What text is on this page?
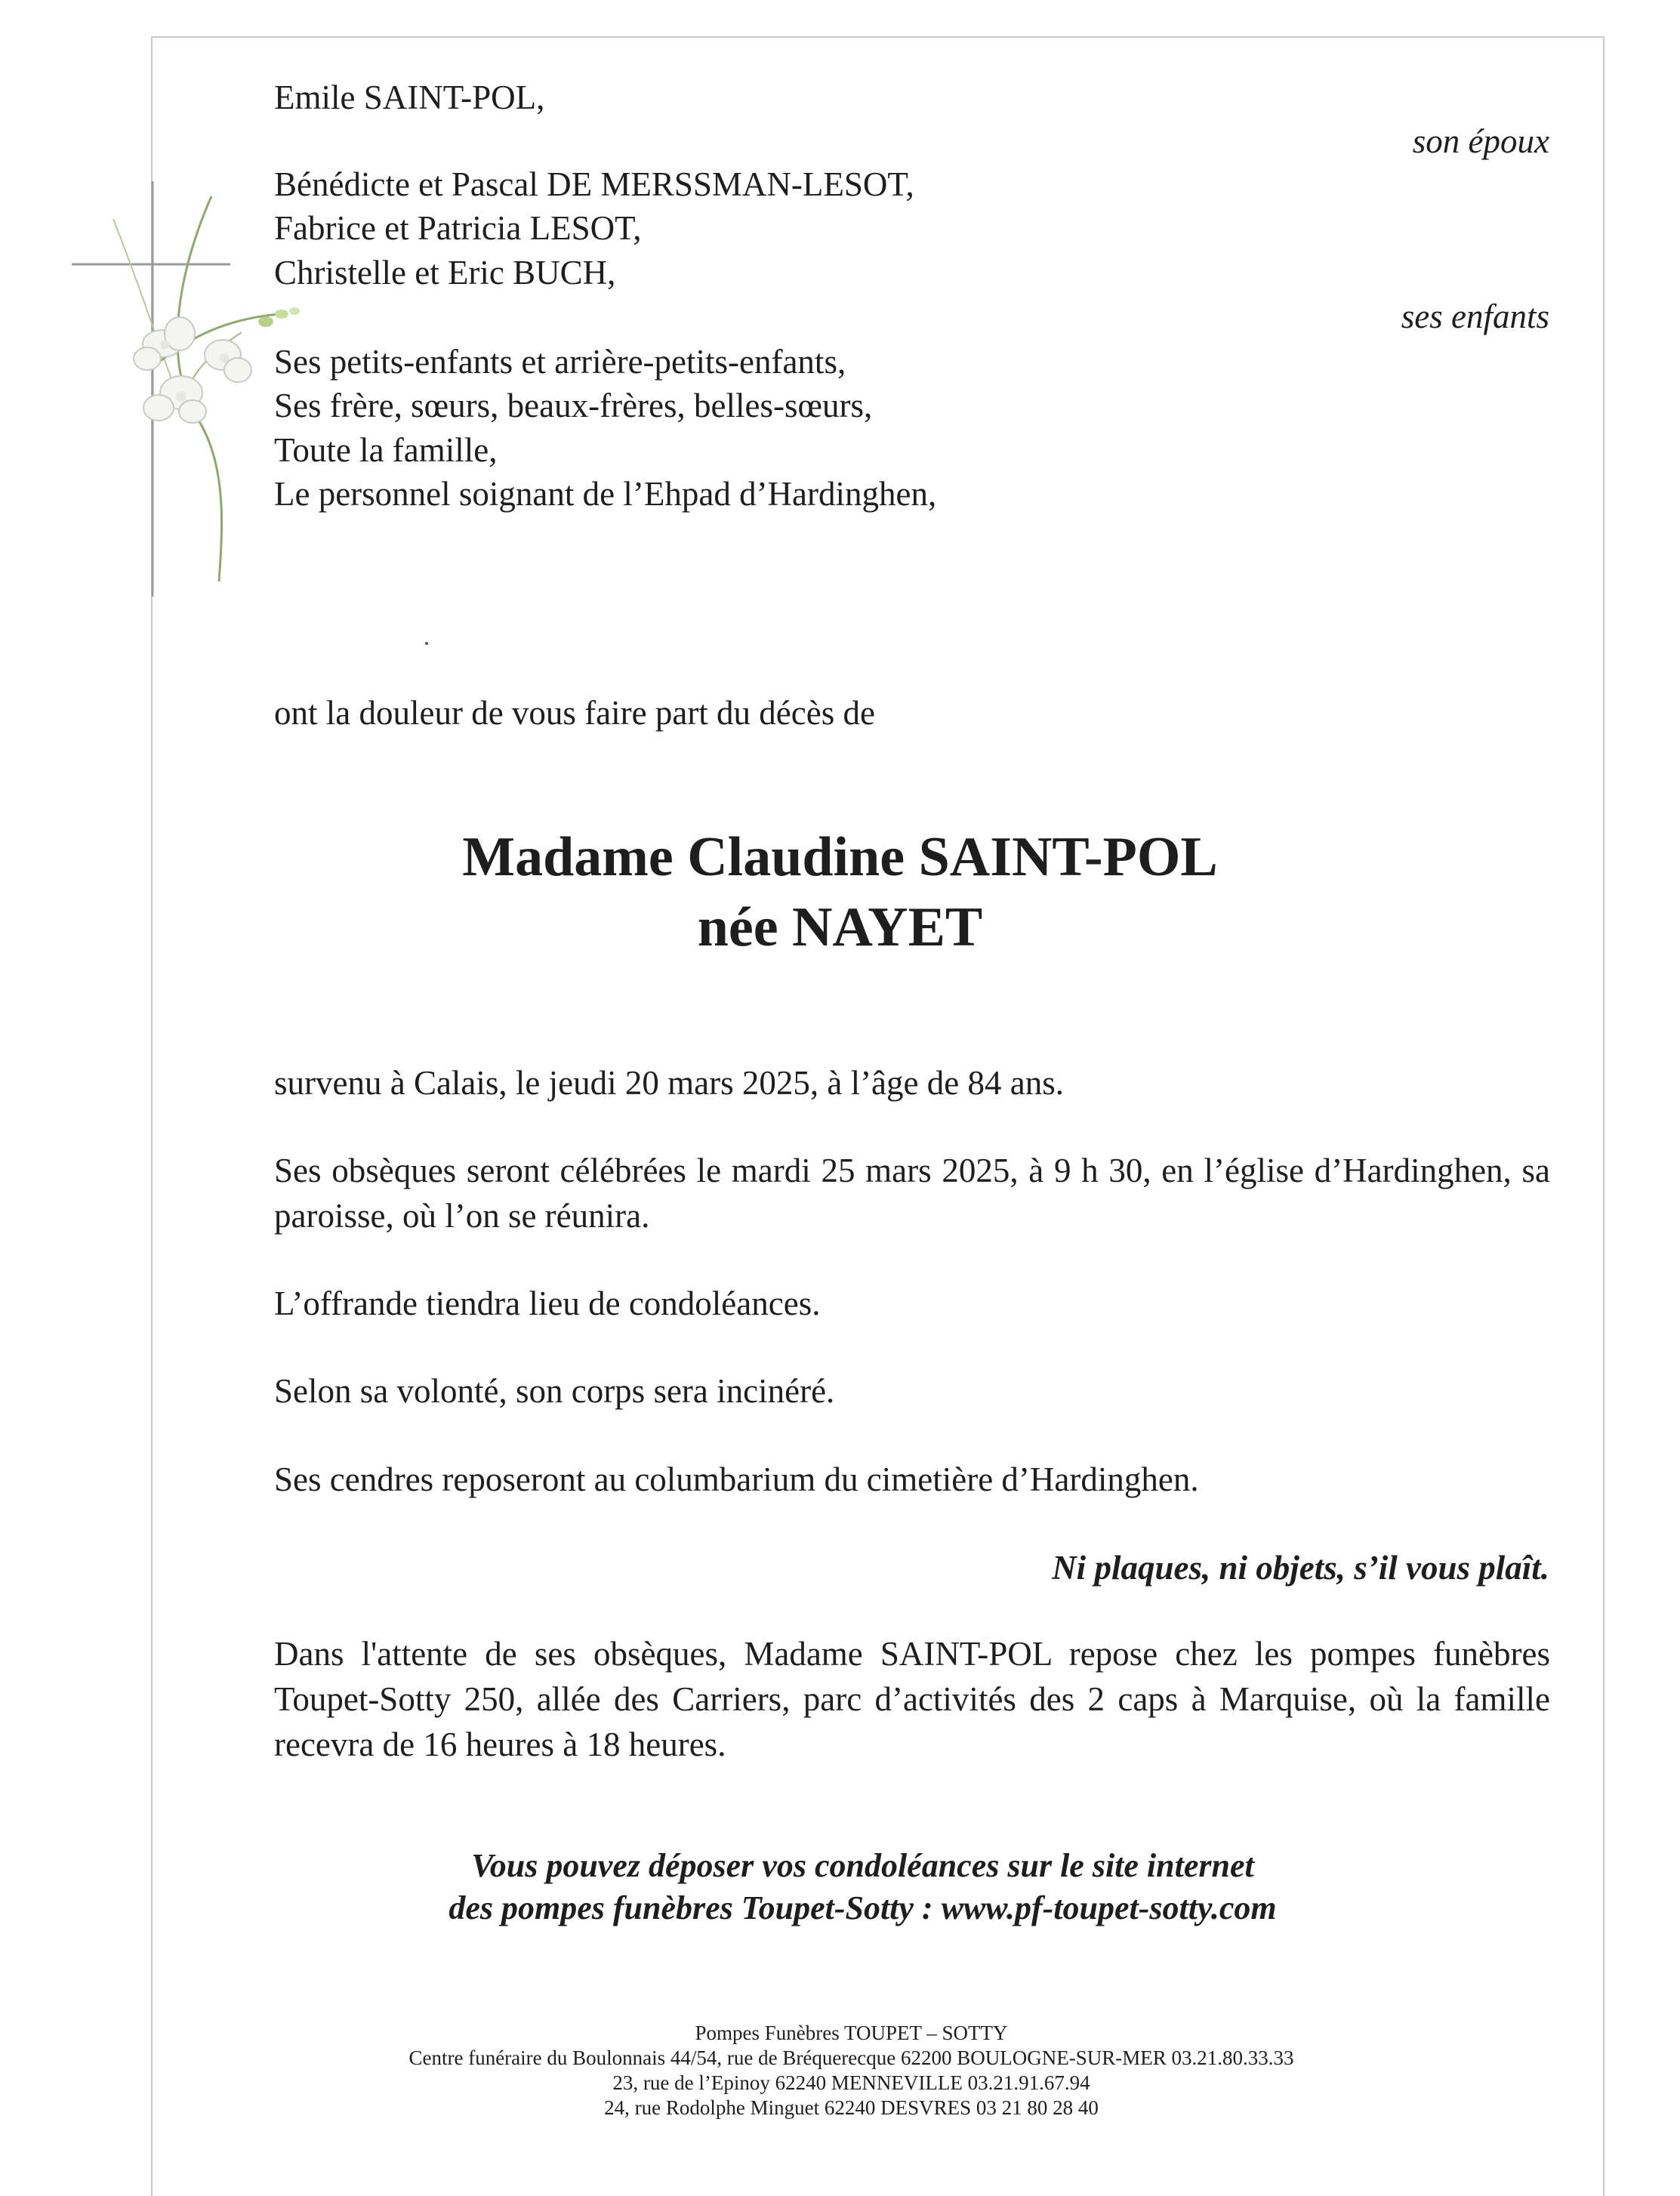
Emile SAINT-POL,
son époux
Bénédicte et Pascal DE MERSSMAN-LESOT,
Fabrice et Patricia LESOT,
Christelle et Eric BUCH,
ses enfants
Ses petits-enfants et arrière-petits-enfants,
Ses frère, sœurs, beaux-frères, belles-sœurs,
Toute la famille,
Le personnel soignant de l’Ehpad d’Hardinghen,
ont la douleur de vous faire part du décès de
Madame Claudine SAINT-POL
née NAYET
survenu à Calais, le jeudi 20 mars 2025, à l’âge de 84 ans.
Ses obsèques seront célébrées le mardi 25 mars 2025, à 9 h 30, en l’église d’Hardinghen, sa paroisse, où l’on se réunira.
L’offrande tiendra lieu de condoléances.
Selon sa volonté, son corps sera incinéré.
Ses cendres reposeront au columbarium du cimetière d’Hardinghen.
Ni plaques, ni objets, s’il vous plaît.
Dans l'attente de ses obsèques, Madame SAINT-POL repose chez les pompes funèbres Toupet-Sotty 250, allée des Carriers, parc d’activités des 2 caps à Marquise, où la famille recevra de 16 heures à 18 heures.
Vous pouvez déposer vos condoléances sur le site internet
des pompes funèbres Toupet-Sotty : www.pf-toupet-sotty.com
Pompes Funèbres TOUPET – SOTTY
Centre funéraire du Boulonnais 44/54, rue de Bréquerecque 62200 BOULOGNE-SUR-MER 03.21.80.33.33
23, rue de l’Epinoy 62240 MENNEVILLE 03.21.91.67.94
24, rue Rodolphe Minguet 62240 DESVRES 03 21 80 28 40
